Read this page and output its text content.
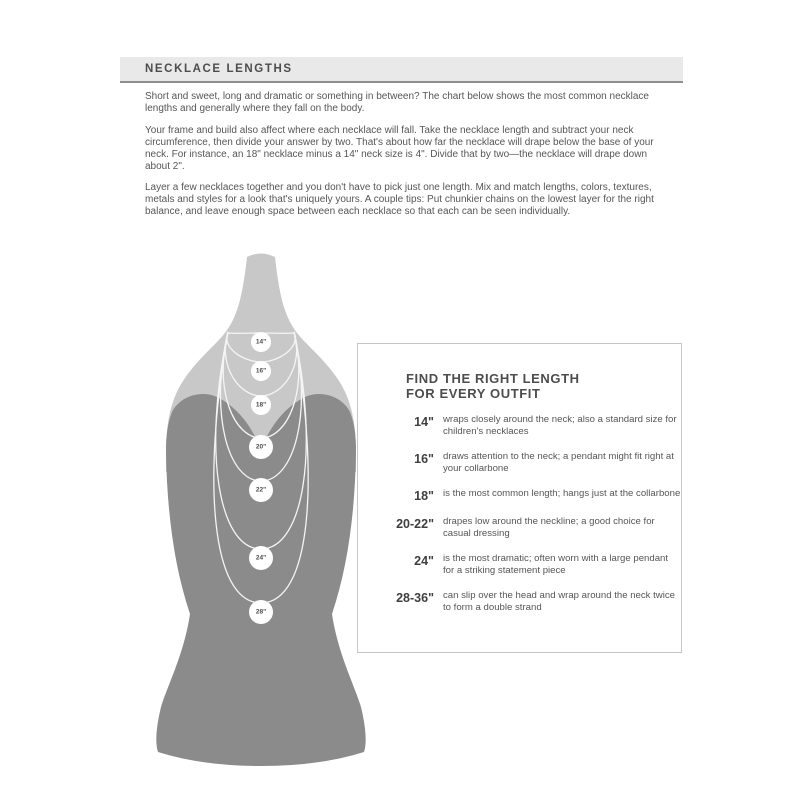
NECKLACE LENGTHS

Short and sweet, long and dramatic or something in between? The chart below shows the most common necklace lengths and generally where they fall on the body.

Your frame and build also affect where each necklace will fall. Take the necklace length and subtract your neck circumference, then divide your answer by two. That's about how far the necklace will drape below the base of your neck. For instance, an 18" necklace minus a 14" neck size is 4". Divide that by two—the necklace will drape down about 2".

Layer a few necklaces together and you don't have to pick just one length. Mix and match lengths, colors, textures, metals and styles for a look that's uniquely yours. A couple tips: Put chunkier chains on the lowest layer for the right balance, and leave enough space between each necklace so that each can be seen individually.

14"
16"
18"
20"
22"
24"
28"
FIND THE RIGHT LENGTH
FOR EVERY OUTFIT
14" wraps closely around the neck; also a standard size for children's necklaces
16" draws attention to the neck; a pendant might fit right at your collarbone
18" is the most common length; hangs just at the collarbone
20-22" drapes low around the neckline; a good choice for casual dressing
24" is the most dramatic; often worn with a large pendant for a striking statement piece
28-36" can slip over the head and wrap around the neck twice to form a double strand
